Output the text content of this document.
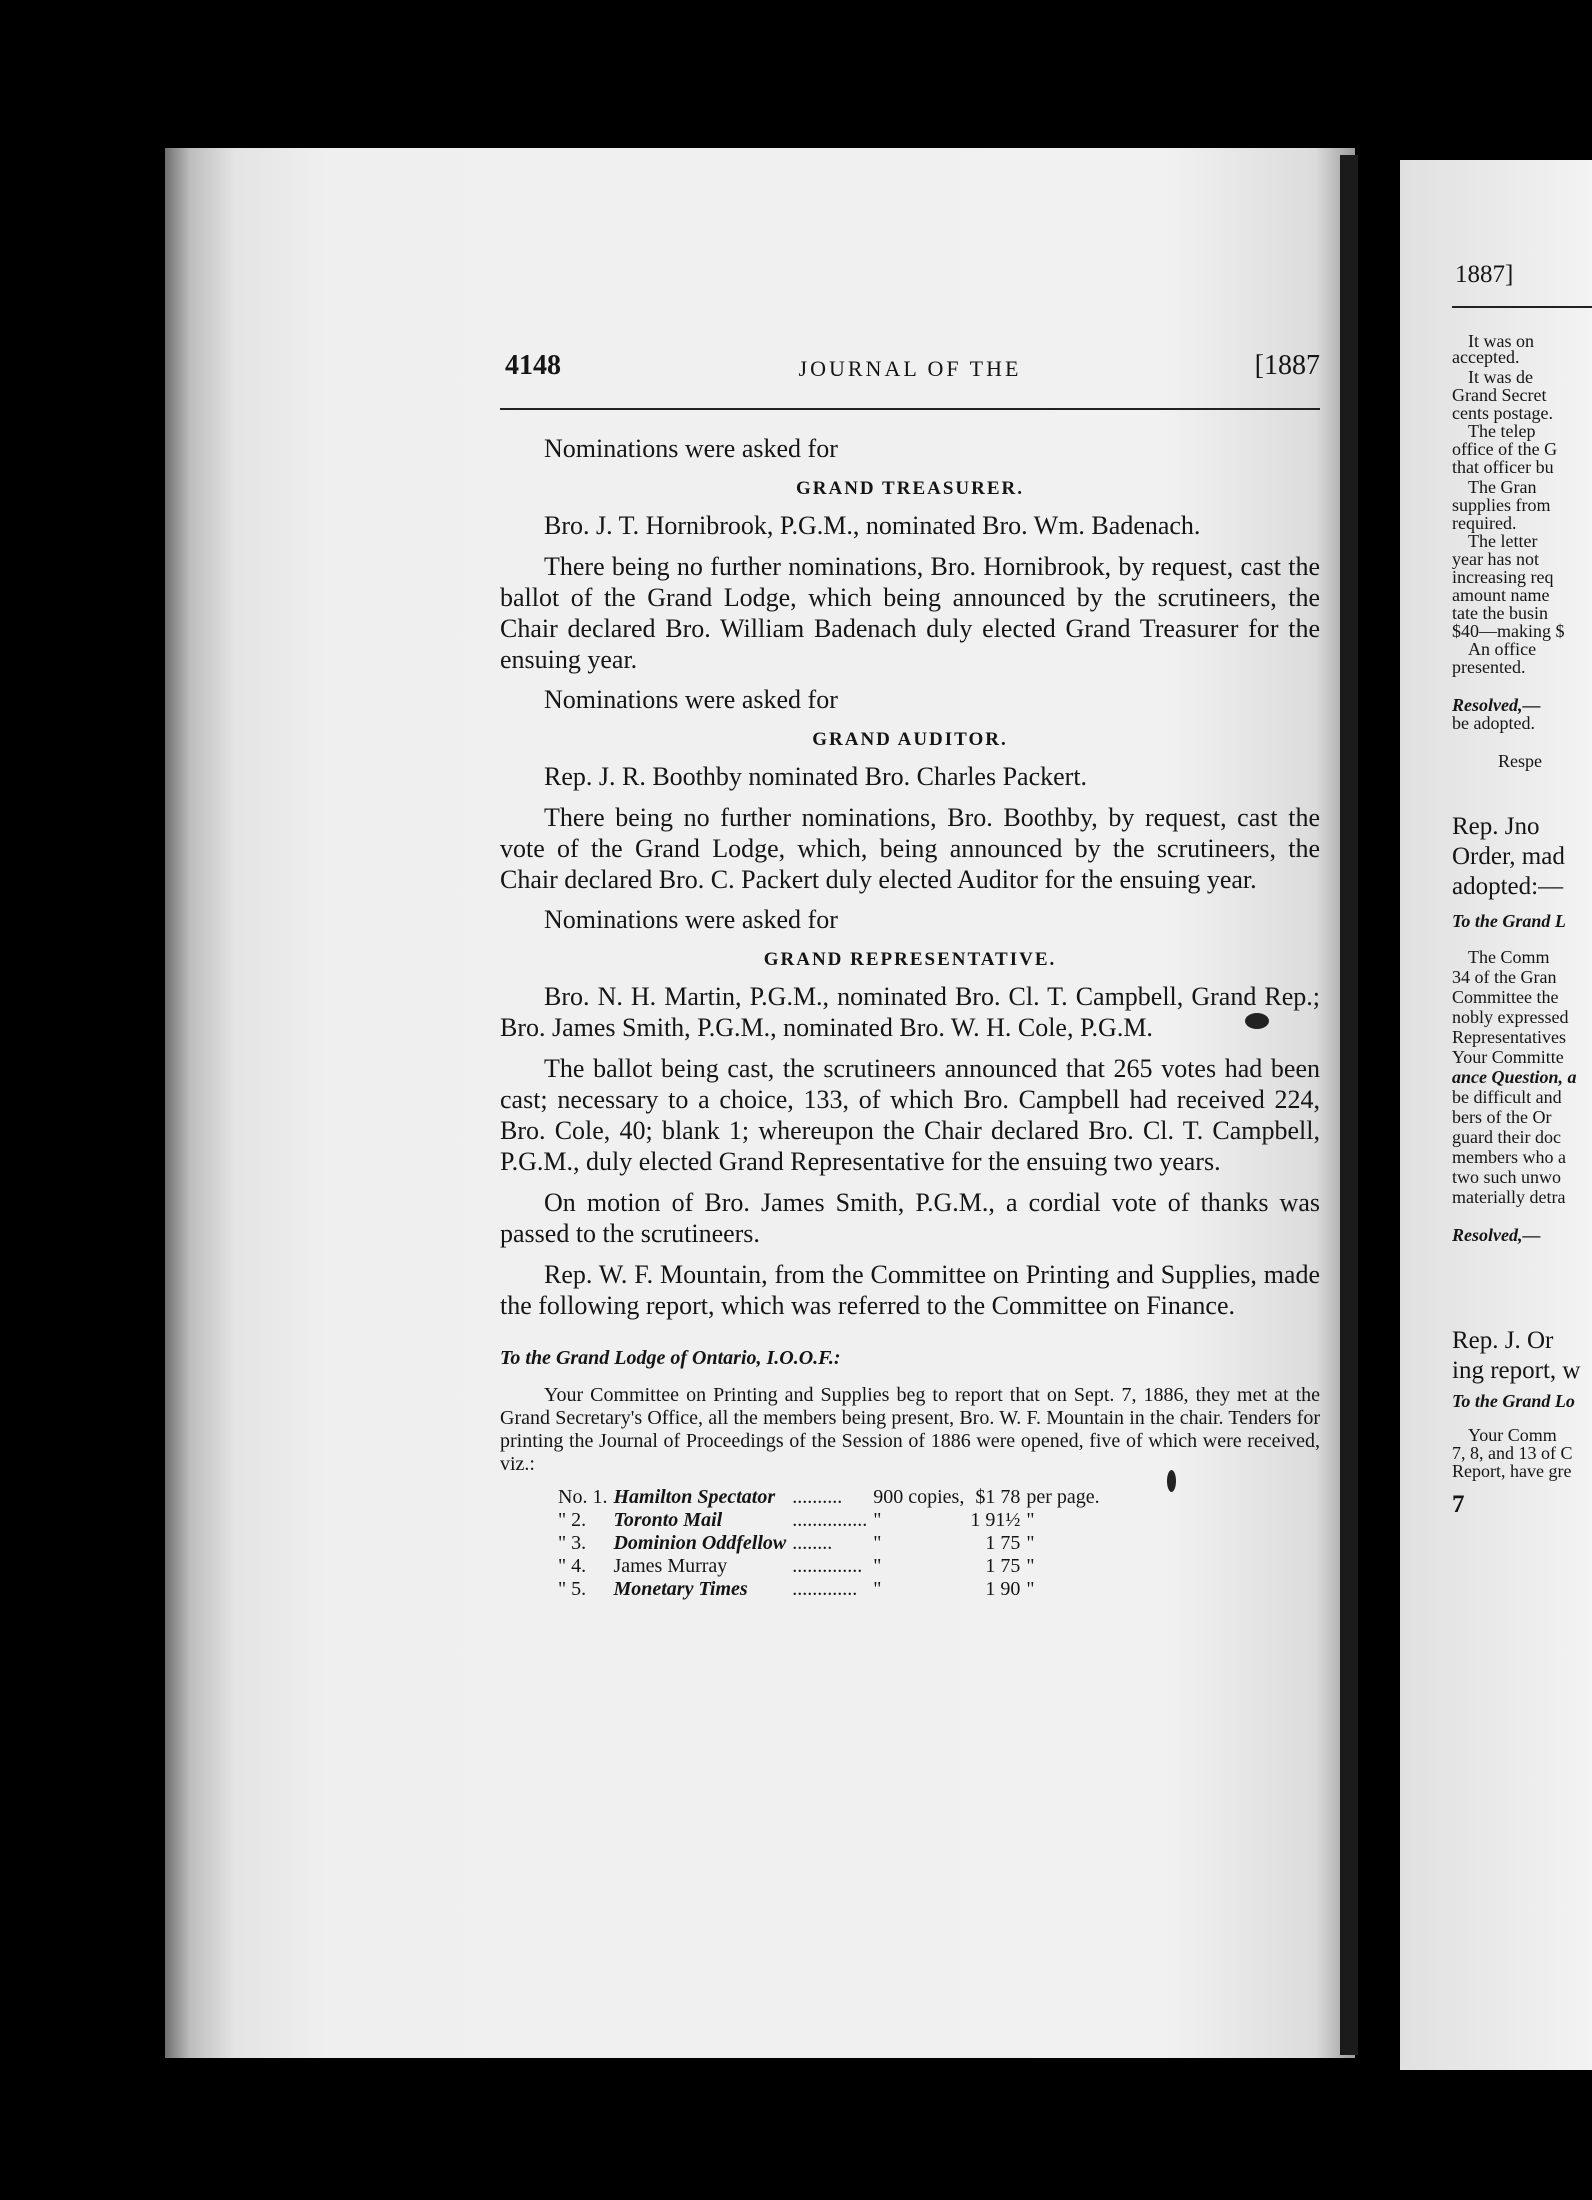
4148	JOURNAL OF THE	[1887
Nominations were asked for
GRAND TREASURER.

Bro. J. T. Hornibrook, P.G.M., nominated Bro. Wm. Badenach.

There being no further nominations, Bro. Hornibrook, by request, cast the ballot of the Grand Lodge, which being announced by the scrutineers, the Chair declared Bro. William Badenach duly elected Grand Treasurer for the ensuing year.

Nominations were asked for
GRAND AUDITOR.

Rep. J. R. Boothby nominated Bro. Charles Packert.

There being no further nominations, Bro. Boothby, by request, cast the vote of the Grand Lodge, which, being announced by the scrutineers, the Chair declared Bro. C. Packert duly elected Auditor for the ensuing year.

Nominations were asked for
GRAND REPRESENTATIVE.

Bro. N. H. Martin, P.G.M., nominated Bro. Cl. T. Campbell, Grand Rep.; Bro. James Smith, P.G.M., nominated Bro. W. H. Cole, P.G.M.

The ballot being cast, the scrutineers announced that 265 votes had been cast; necessary to a choice, 133, of which Bro. Campbell had received 224, Bro. Cole, 40; blank 1; whereupon the Chair declared Bro. Cl. T. Campbell, P.G.M., duly elected Grand Representative for the ensuing two years.

On motion of Bro. James Smith, P.G.M., a cordial vote of thanks was passed to the scrutineers.

Rep. W. F. Mountain, from the Committee on Printing and Supplies, made the following report, which was referred to the Committee on Finance.

To the Grand Lodge of Ontario, I.O.O.F.:

Your Committee on Printing and Supplies beg to report that on Sept. 7, 1886, they met at the Grand Secretary's Office, all the members being present, Bro. W. F. Mountain in the chair. Tenders for printing the Journal of Proceedings of the Session of 1886 were opened, five of which were received, viz.:

No. 1.	Hamilton Spectator	..........	900 copies,	$1 78	per page.
" 2.	Toronto Mail	...............	"	1 91½	"
" 3.	Dominion Oddfellow	........	"	1 75	"
" 4.	James Murray	..............	"	1 75	"
" 5.	Monetary Times	.............	"	1 90	"
1887]
It was on
accepted.
It was de
Grand Secret
cents postage.
The telep
office of the G
that officer bu
The Gran
supplies from
required.
The letter
year has not
increasing req
amount name
tate the busin
$40—making $
An office
presented.
Resolved,—
be adopted.
Respe
Rep. Jno
Order, mad
adopted:—
To the Grand L
The Comm
34 of the Gran
Committee the
nobly expressed
Representatives
Your Committe
ance Question, a
be difficult and
bers of the Or
guard their doc
members who a
two such unwo
materially detra
Resolved,—
Rep. J. Or
ing report, w
To the Grand Lo
Your Comm
7, 8, and 13 of C
Report, have gre
7
